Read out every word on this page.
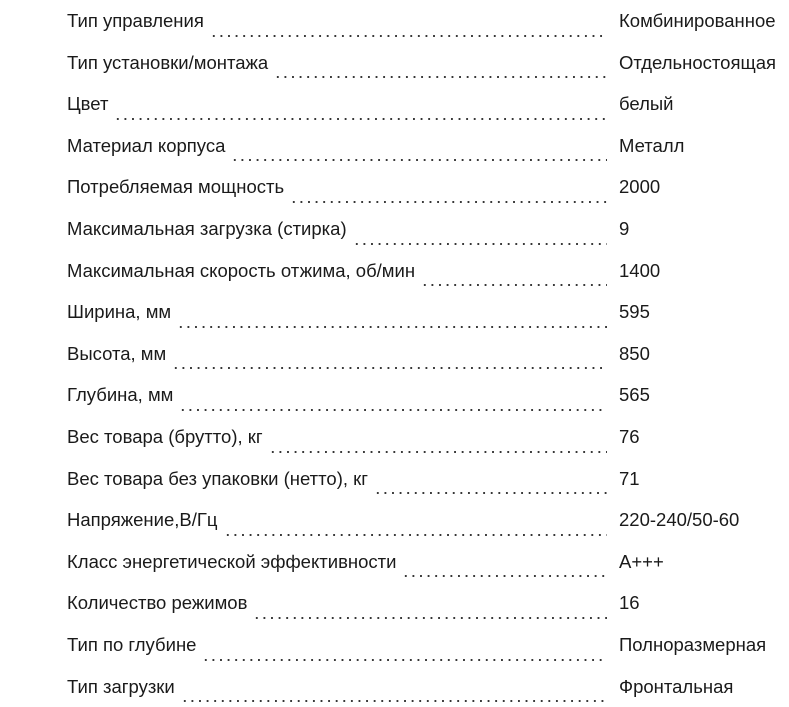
Тип управления	Комбинированное
Тип установки/монтажа	Отдельностоящая
Цвет	белый
Материал корпуса	Металл
Потребляемая мощность	2000
Максимальная загрузка (стирка)	9
Максимальная скорость отжима, об/мин	1400
Ширина, мм	595
Высота, мм	850
Глубина, мм	565
Вес товара (брутто), кг	76
Вес товара без упаковки (нетто), кг	71
Напряжение,В/Гц	220-240/50-60
Класс энергетической эффективности	A+++
Количество режимов	16
Тип по глубине	Полноразмерная
Тип загрузки	Фронтальная
